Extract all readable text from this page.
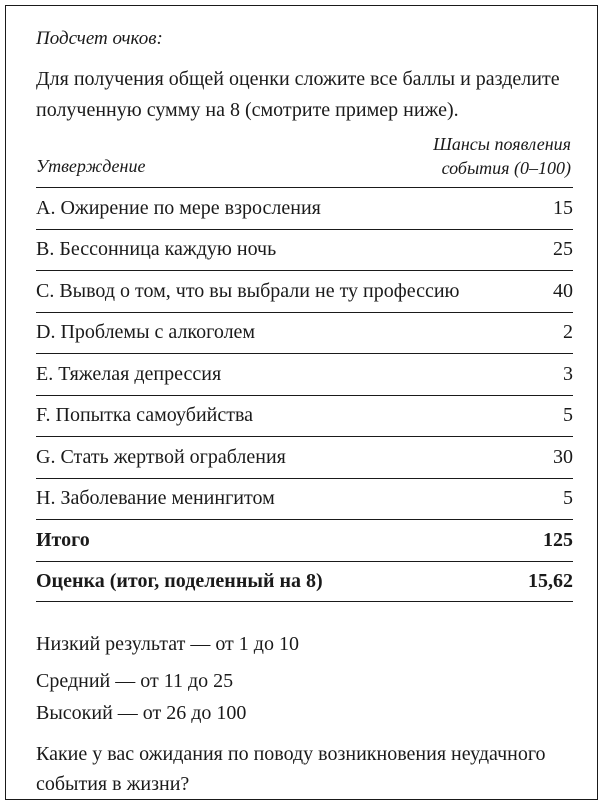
Подсчет очков:
Для получения общей оценки сложите все баллы и разделите полученную сумму на 8 (смотрите пример ниже).
Утверждение
Шансы появления события (0–100)
A. Ожирение по мере взросления	15
B. Бессонница каждую ночь	25
C. Вывод о том, что вы выбрали не ту профессию	40
D. Проблемы с алкоголем	2
E. Тяжелая депрессия	3
F. Попытка самоубийства	5
G. Стать жертвой ограбления	30
H. Заболевание менингитом	5
Итого	125
Оценка (итог, поделенный на 8)	15,62
Низкий результат — от 1 до 10
Средний — от 11 до 25
Высокий — от 26 до 100
Какие у вас ожидания по поводу возникновения неудачного события в жизни?
